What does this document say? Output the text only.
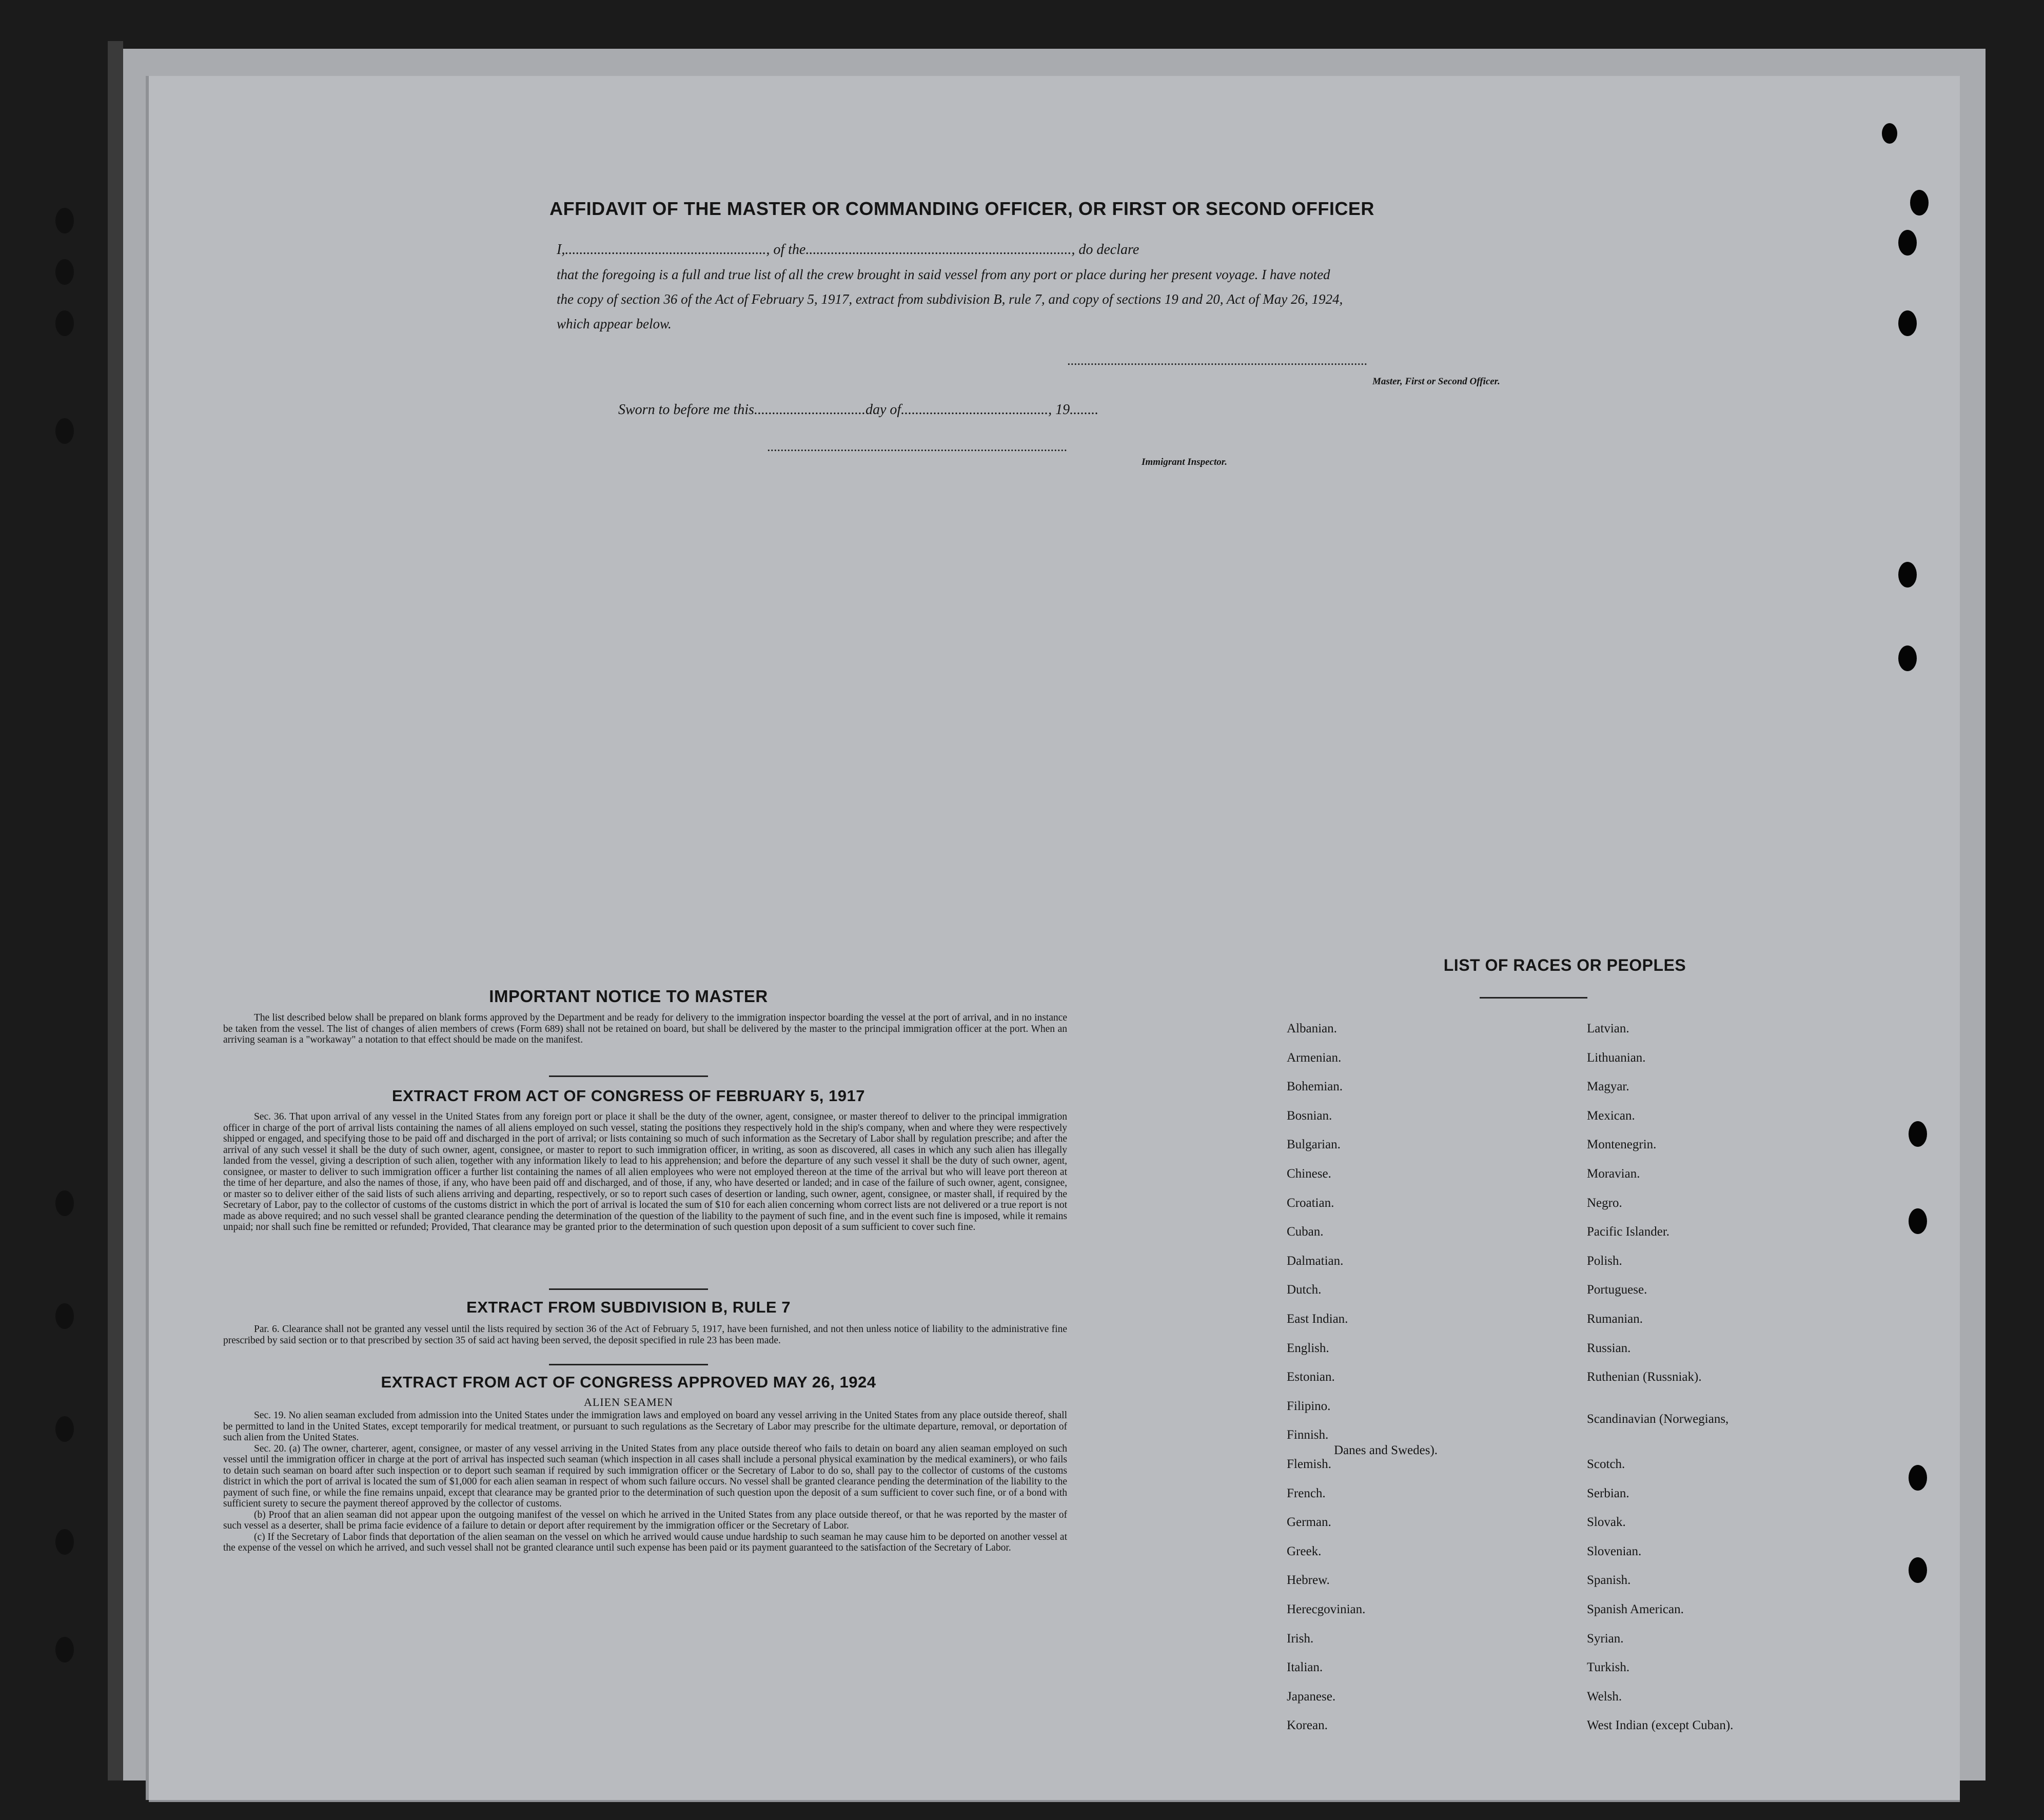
AFFIDAVIT OF THE MASTER OR COMMANDING OFFICER, OR FIRST OR SECOND OFFICER
I,........................................................, of the.........................................................................., do declare
that the foregoing is a full and true list of all the crew brought in said vessel from any port or place during her present voyage. I have noted
the copy of section 36 of the Act of February 5, 1917, extract from subdivision B, rule 7, and copy of sections 19 and 20, Act of May 26, 1924,
which appear below.
..........................................................................................
Master, First or Second Officer.
Sworn to before me this...............................day of........................................., 19........
..........................................................................................
Immigrant Inspector.
IMPORTANT NOTICE TO MASTER

The list described below shall be prepared on blank forms approved by the Department and be ready for delivery to the immigration inspector boarding the vessel at the port of arrival, and in no instance be taken from the vessel. The list of changes of alien members of crews (Form 689) shall not be retained on board, but shall be delivered by the master to the principal immigration officer at the port. When an arriving seaman is a "workaway" a notation to that effect should be made on the manifest.

EXTRACT FROM ACT OF CONGRESS OF FEBRUARY 5, 1917

Sec. 36. That upon arrival of any vessel in the United States from any foreign port or place it shall be the duty of the owner, agent, consignee, or master thereof to deliver to the principal immigration officer in charge of the port of arrival lists containing the names of all aliens employed on such vessel, stating the positions they respectively hold in the ship's company, when and where they were respectively shipped or engaged, and specifying those to be paid off and discharged in the port of arrival; or lists containing so much of such information as the Secretary of Labor shall by regulation prescribe; and after the arrival of any such vessel it shall be the duty of such owner, agent, consignee, or master to report to such immigration officer, in writing, as soon as discovered, all cases in which any such alien has illegally landed from the vessel, giving a description of such alien, together with any information likely to lead to his apprehension; and before the departure of any such vessel it shall be the duty of such owner, agent, consignee, or master to deliver to such immigration officer a further list containing the names of all alien employees who were not employed thereon at the time of the arrival but who will leave port thereon at the time of her departure, and also the names of those, if any, who have been paid off and discharged, and of those, if any, who have deserted or landed; and in case of the failure of such owner, agent, consignee, or master so to deliver either of the said lists of such aliens arriving and departing, respectively, or so to report such cases of desertion or landing, such owner, agent, consignee, or master shall, if required by the Secretary of Labor, pay to the collector of customs of the customs district in which the port of arrival is located the sum of $10 for each alien concerning whom correct lists are not delivered or a true report is not made as above required; and no such vessel shall be granted clearance pending the determination of the question of the liability to the payment of such fine, and in the event such fine is imposed, while it remains unpaid; nor shall such fine be remitted or refunded; Provided, That clearance may be granted prior to the determination of such question upon deposit of a sum sufficient to cover such fine.

EXTRACT FROM SUBDIVISION B, RULE 7

Par. 6. Clearance shall not be granted any vessel until the lists required by section 36 of the Act of February 5, 1917, have been furnished, and not then unless notice of liability to the administrative fine prescribed by said section or to that prescribed by section 35 of said act having been served, the deposit specified in rule 23 has been made.

EXTRACT FROM ACT OF CONGRESS APPROVED MAY 26, 1924
ALIEN SEAMEN

Sec. 19. No alien seaman excluded from admission into the United States under the immigration laws and employed on board any vessel arriving in the United States from any place outside thereof, shall be permitted to land in the United States, except temporarily for medical treatment, or pursuant to such regulations as the Secretary of Labor may prescribe for the ultimate departure, removal, or deportation of such alien from the United States.

Sec. 20. (a) The owner, charterer, agent, consignee, or master of any vessel arriving in the United States from any place outside thereof who fails to detain on board any alien seaman employed on such vessel until the immigration officer in charge at the port of arrival has inspected such seaman (which inspection in all cases shall include a personal physical examination by the medical examiners), or who fails to detain such seaman on board after such inspection or to deport such seaman if required by such immigration officer or the Secretary of Labor to do so, shall pay to the collector of customs of the customs district in which the port of arrival is located the sum of $1,000 for each alien seaman in respect of whom such failure occurs. No vessel shall be granted clearance pending the determination of the liability to the payment of such fine, or while the fine remains unpaid, except that clearance may be granted prior to the determination of such question upon the deposit of a sum sufficient to cover such fine, or of a bond with sufficient surety to secure the payment thereof approved by the collector of customs.

(b) Proof that an alien seaman did not appear upon the outgoing manifest of the vessel on which he arrived in the United States from any place outside thereof, or that he was reported by the master of such vessel as a deserter, shall be prima facie evidence of a failure to detain or deport after requirement by the immigration officer or the Secretary of Labor.

(c) If the Secretary of Labor finds that deportation of the alien seaman on the vessel on which he arrived would cause undue hardship to such seaman he may cause him to be deported on another vessel at the expense of the vessel on which he arrived, and such vessel shall not be granted clearance until such expense has been paid or its payment guaranteed to the satisfaction of the Secretary of Labor.

LIST OF RACES OR PEOPLES
Albanian.
Armenian.
Bohemian.
Bosnian.
Bulgarian.
Chinese.
Croatian.
Cuban.
Dalmatian.
Dutch.
East Indian.
English.
Estonian.
Filipino.
Finnish.
Flemish.
French.
German.
Greek.
Hebrew.
Herecgovinian.
Irish.
Italian.
Japanese.
Korean.
Latvian.
Lithuanian.
Magyar.
Mexican.
Montenegrin.
Moravian.
Negro.
Pacific Islander.
Polish.
Portuguese.
Rumanian.
Russian.
Ruthenian (Russniak).
Scandinavian (Norwegians,
Danes and Swedes).
Scotch.
Serbian.
Slovak.
Slovenian.
Spanish.
Spanish American.
Syrian.
Turkish.
Welsh.
West Indian (except Cuban).
